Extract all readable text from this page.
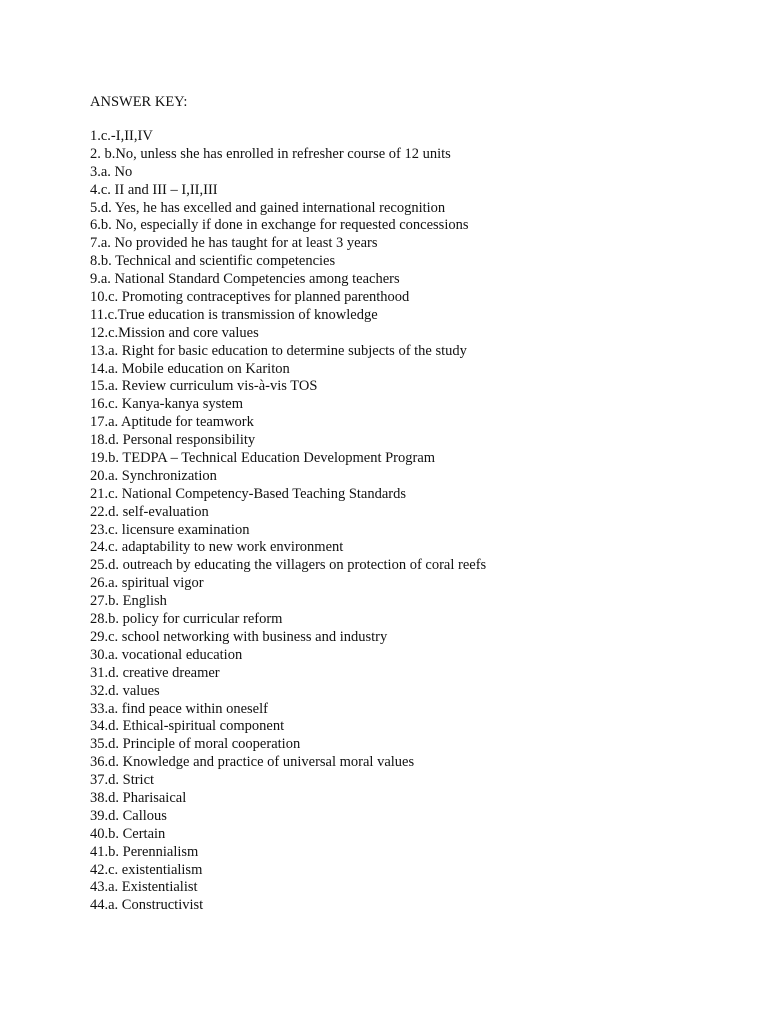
ANSWER KEY:
1.c.-I,II,IV
2. b.No, unless she has enrolled in refresher course of 12 units
3.a. No
4.c. II and III – I,II,III
5.d. Yes, he has excelled and gained international recognition
6.b. No, especially if done in exchange for requested concessions
7.a. No provided he has taught for at least 3 years
8.b. Technical and scientific competencies
9.a. National Standard Competencies among teachers
10.c. Promoting contraceptives for planned parenthood
11.c.True education is transmission of knowledge
12.c.Mission and core values
13.a. Right for basic education to determine subjects of the study
14.a. Mobile education on Kariton
15.a. Review curriculum vis-à-vis TOS
16.c. Kanya-kanya system
17.a. Aptitude for teamwork
18.d. Personal responsibility
19.b. TEDPA – Technical Education Development Program
20.a. Synchronization
21.c. National Competency-Based Teaching Standards
22.d. self-evaluation
23.c. licensure examination
24.c. adaptability to new work environment
25.d. outreach by educating the villagers on protection of coral reefs
26.a. spiritual vigor
27.b. English
28.b. policy for curricular reform
29.c. school networking with business and industry
30.a. vocational education
31.d. creative dreamer
32.d. values
33.a. find peace within oneself
34.d. Ethical-spiritual component
35.d. Principle of moral cooperation
36.d. Knowledge and practice of universal moral values
37.d. Strict
38.d. Pharisaical
39.d. Callous
40.b. Certain
41.b. Perennialism
42.c. existentialism
43.a. Existentialist
44.a. Constructivist
